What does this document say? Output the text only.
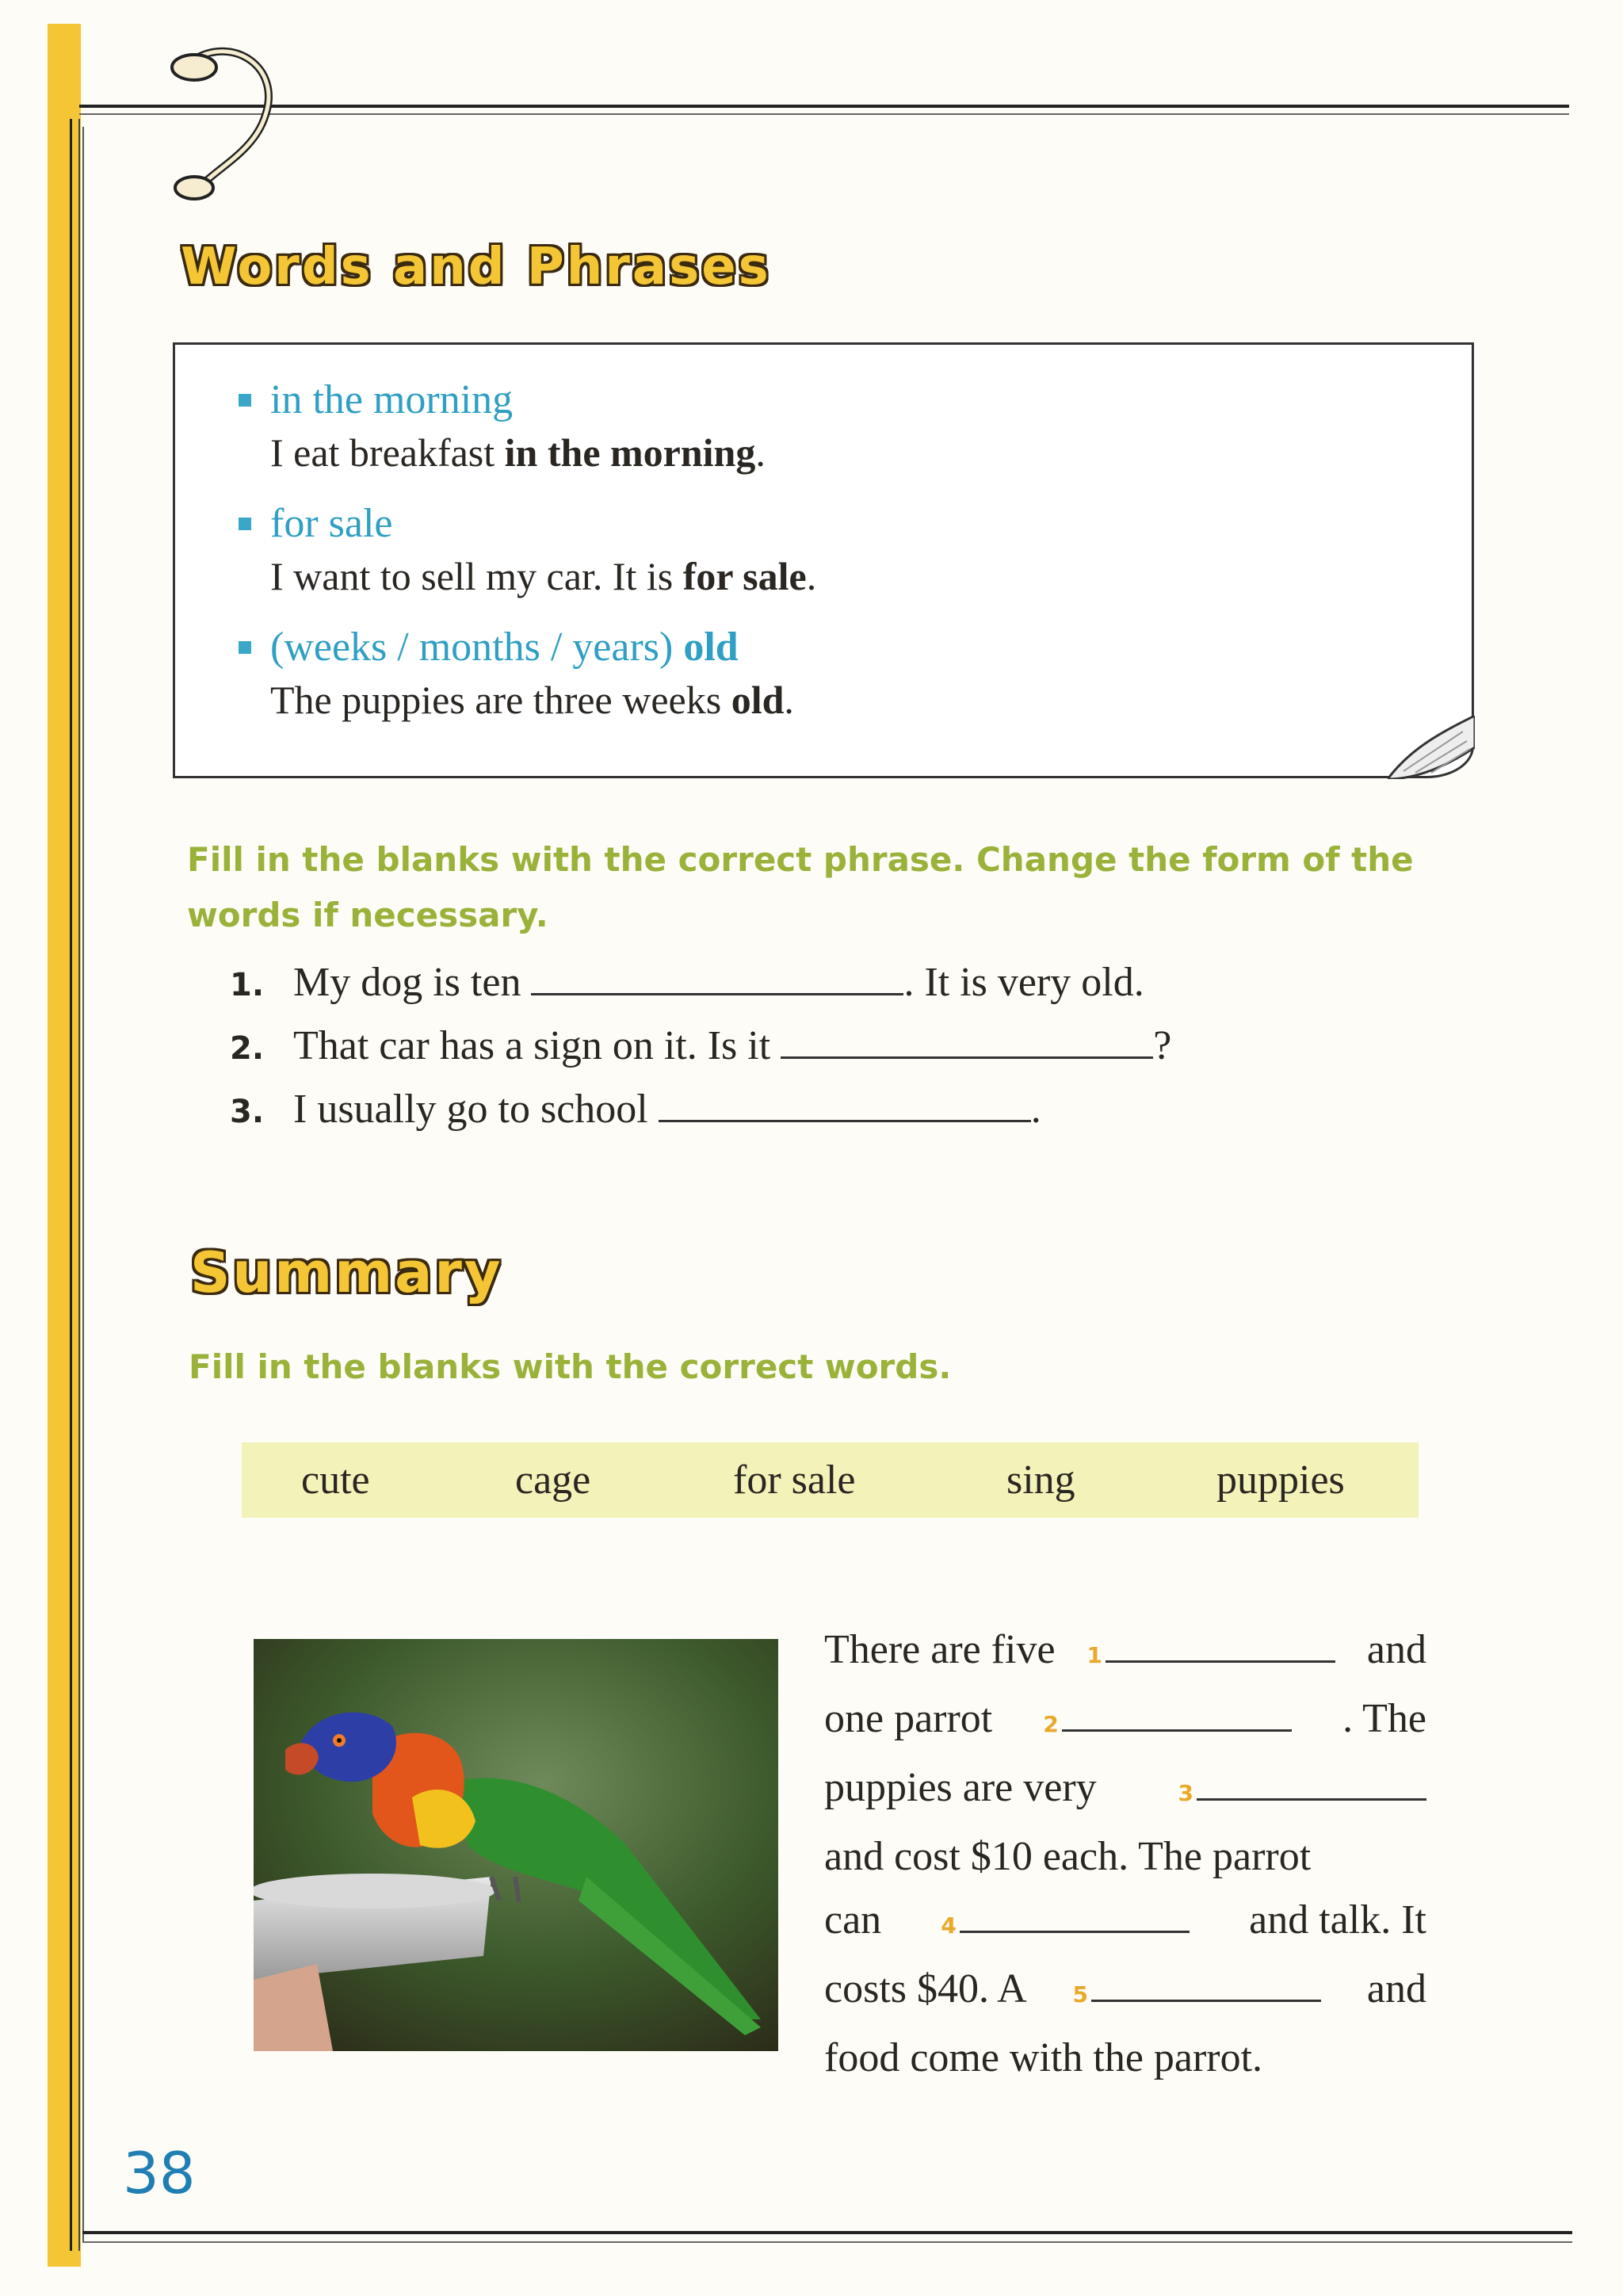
Words and Phrases
in the morning
I eat breakfast in the morning.
for sale
I want to sell my car. It is for sale.
(weeks / months / years) old
The puppies are three weeks old.
Fill in the blanks with the correct phrase. Change the form of the words if necessary.
1. My dog is ten	. It is very old.
2. That car has a sign on it. Is it	?
3. I usually go to school	.
Summary
Fill in the blanks with the correct words.
cute	cage	for sale	sing	puppies
There are five 1	and
one parrot 2	. The
puppies are very	3
and cost $10 each. The parrot
can	4	and talk. It
costs $40. A 5	and
food come with the parrot.
38
